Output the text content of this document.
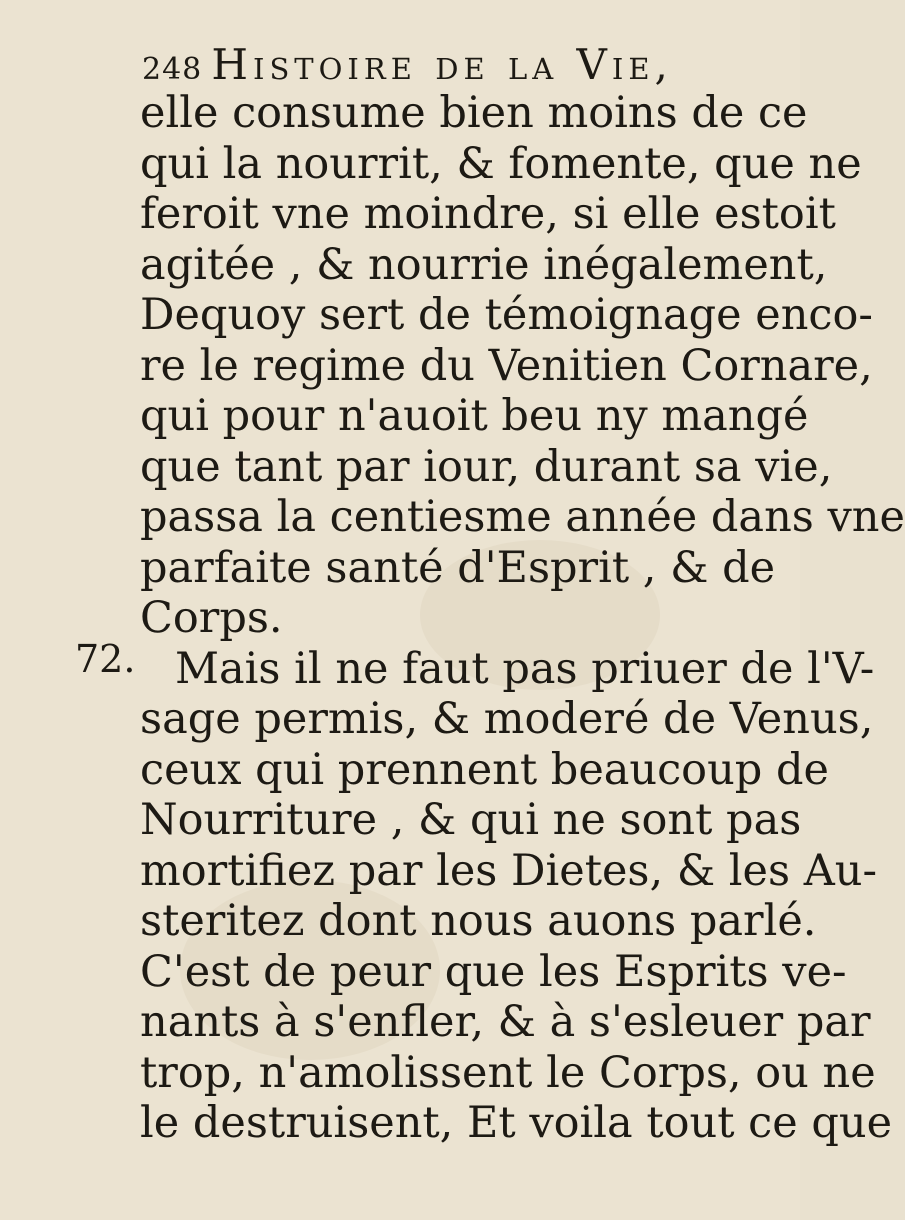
248 Histoire de la Vie,
72.
elle consume bien moins de ce
qui la nourrit, & fomente, que ne
feroit vne moindre, si elle estoit
agitée , & nourrie inégalement,
Dequoy sert de témoignage enco-
re le regime du Venitien Cornare,
qui pour n'auoit beu ny mangé
que tant par iour, durant sa vie,
passa la centiesme année dans vne
parfaite santé d'Esprit , & de
Corps.
Mais il ne faut pas priuer de l'V-
sage permis, & moderé de Venus,
ceux qui prennent beaucoup de
Nourriture , & qui ne sont pas
mortifiez par les Dietes, & les Au-
steritez dont nous auons parlé.
C'est de peur que les Esprits ve-
nants à s'enfler, & à s'esleuer par
trop, n'amolissent le Corps, ou ne
le destruisent, Et voila tout ce que
